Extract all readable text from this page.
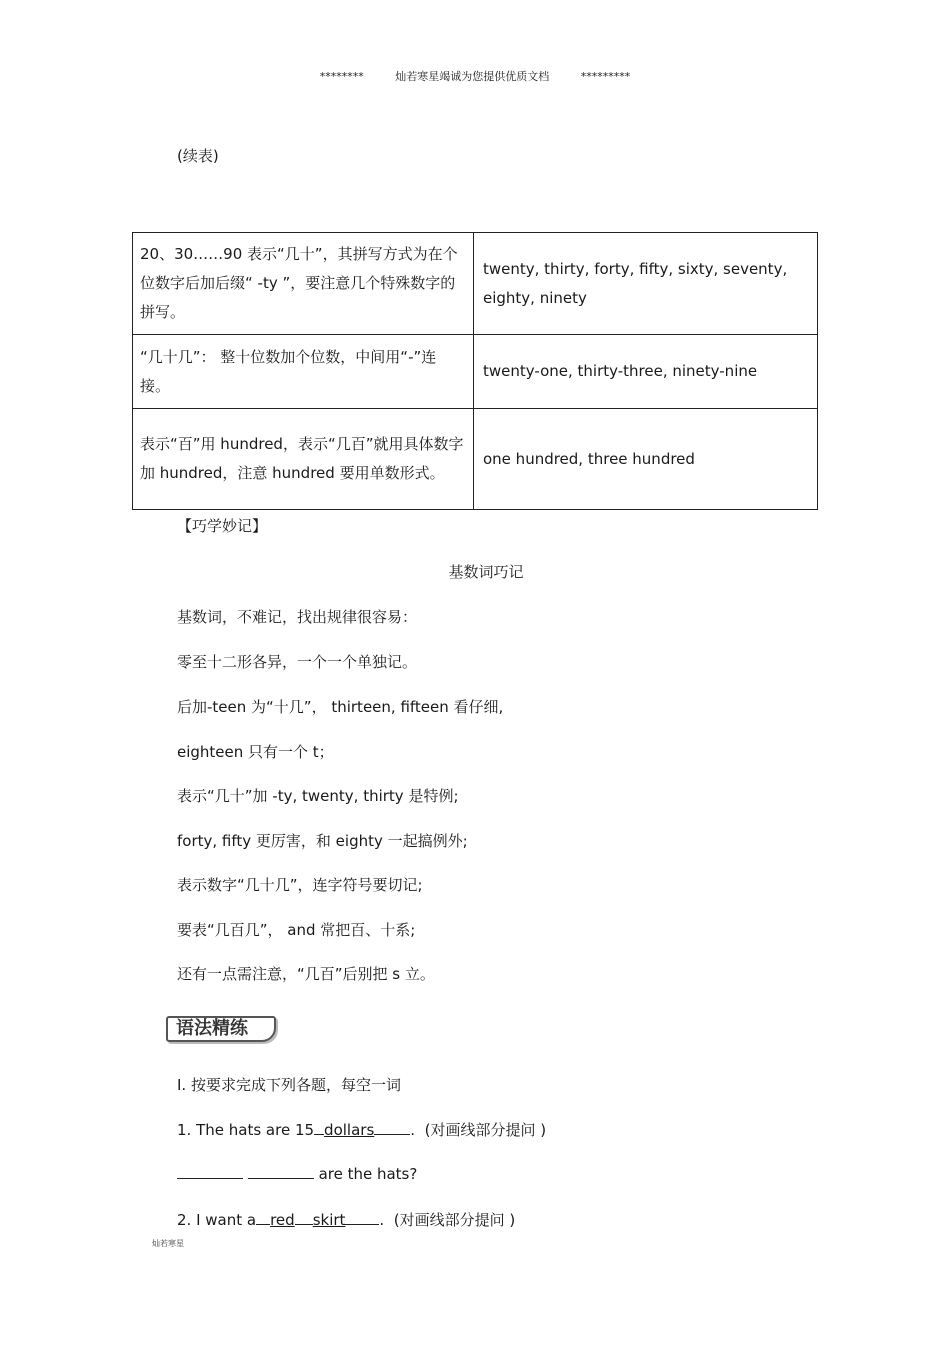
********	灿若寒星竭诚为您提供优质文档	*********
(续表)
20、30……90 表示“几十”，其拼写方式为在个位数字后加后缀“ -ty ”，要注意几个特殊数字的拼写。	twenty, thirty, forty, fifty, sixty, seventy, eighty, ninety

“几十几”： 整十位数加个位数，中间用“-”连接。	twenty-one, thirty-three, ninety-nine

表示“百”用 hundred，表示“几百”就用具体数字加 hundred，注意 hundred 要用单数形式。	one hundred, three hundred
【巧学妙记】
基数词巧记
基数词，不难记，找出规律很容易：
零至十二形各异，一个一个单独记。
后加-teen 为“十几”， thirteen, fifteen 看仔细,
eighteen 只有一个 t；
表示“几十”加 -ty, twenty, thirty 是特例;
forty, fifty 更厉害，和 eighty 一起搞例外;
表示数字“几十几”，连字符号要切记;
要表“几百几”， and 常把百、十系;
还有一点需注意，“几百”后别把 s 立。
语法精练
Ⅰ. 按要求完成下列各题，每空一词
1. The hats are 15 dollars . (对画线部分提问 )
are the hats?
2. I want a red skirt . (对画线部分提问 )
灿若寒星
